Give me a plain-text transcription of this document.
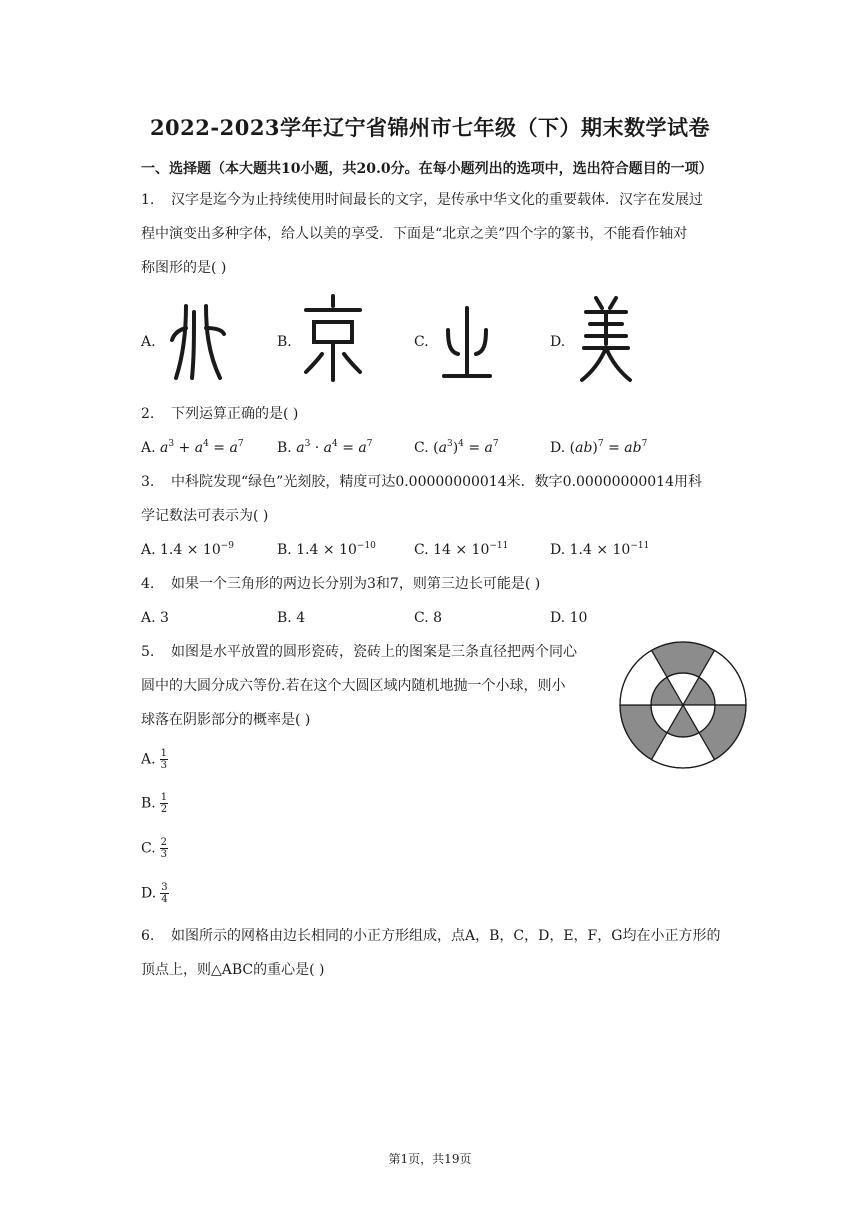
2022-2023学年辽宁省锦州市七年级（下）期末数学试卷
一、选择题（本大题共10小题，共20.0分。在每小题列出的选项中，选出符合题目的一项）
1. 汉字是迄今为止持续使用时间最长的文字，是传承中华文化的重要载体．汉字在发展过
程中演变出多种字体，给人以美的享受．下面是“北京之美”四个字的篆书，不能看作轴对
称图形的是( )
A.	B.	C.	D.
2. 下列运算正确的是( )
A. $a^3 + a^4 = a^7$ B. $a^3 \cdot a^4 = a^7$	C. $(a^3)^4 = a^7$	D. $(ab)^7 = ab^7$
3. 中科院发现“绿色”光刻胶，精度可达0.00000000014米．数字0.00000000014用科
学记数法可表示为( )
A. $1.4 \times 10^{-9}$	B. $1.4 \times 10^{-10}$	C. $14 \times 10^{-11}$	D. $1.4 \times 10^{-11}$
4. 如果一个三角形的两边长分别为3和7，则第三边长可能是( )
A. 3	B. 4	C. 8	D. 10
5. 如图是水平放置的圆形瓷砖，瓷砖上的图案是三条直径把两个同心
圆中的大圆分成六等份.若在这个大圆区域内随机地抛一个小球，则小
球落在阴影部分的概率是( )
A. $\frac{1}{3}$
B. $\frac{1}{2}$
C. $\frac{2}{3}$
D. $\frac{3}{4}$
6. 如图所示的网格由边长相同的小正方形组成，点A，B，C，D，E，F，G均在小正方形的
顶点上，则△ABC的重心是( )
第1页，共19页
